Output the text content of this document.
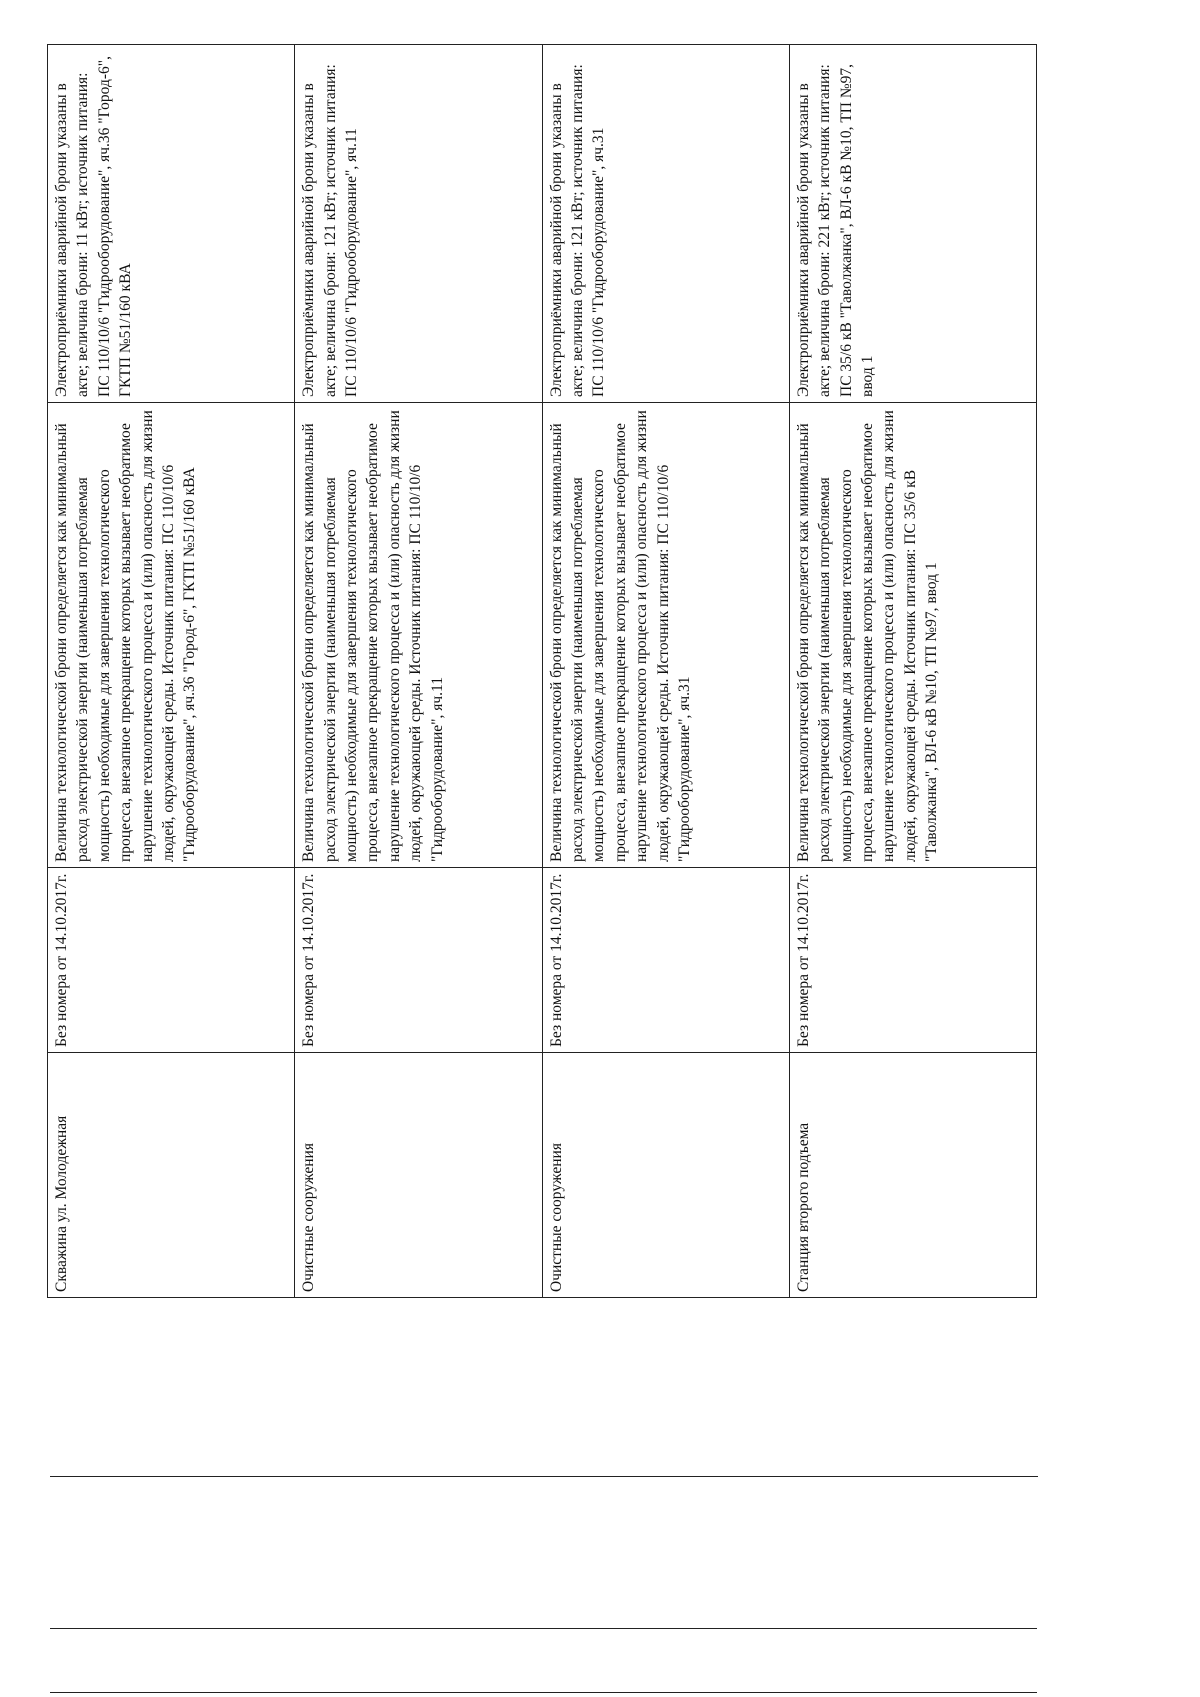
Скважина ул. Молодежная	Без номера от 14.10.2017г.	Величина технологической брони определяется как минимальный расход электрической энергии (наименьшая потребляемая мощность) необходимые для завершения технологического процесса, внезапное прекращение которых вызывает необратимое нарушение технологического процесса и (или) опасность для жизни людей, окружающей среды. Источник питания: ПС 110/10/6 "Гидрооборудование", яч.36 "Город-6", ГКТП №51/160 кВА	Электроприёмники аварийной брони указаны в акте; величина брони: 11 кВт; источник питания: ПС 110/10/6 "Гидрооборудование", яч.36 "Город-6", ГКТП №51/160 кВА
Очистные сооружения	Без номера от 14.10.2017г.	Величина технологической брони определяется как минимальный расход электрической энергии (наименьшая потребляемая мощность) необходимые для завершения технологического процесса, внезапное прекращение которых вызывает необратимое нарушение технологического процесса и (или) опасность для жизни людей, окружающей среды. Источник питания: ПС 110/10/6 "Гидрооборудование", яч.11	Электроприёмники аварийной брони указаны в акте; величина брони: 121 кВт; источник питания: ПС 110/10/6 "Гидрооборудование", яч.11
Очистные сооружения	Без номера от 14.10.2017г.	Величина технологической брони определяется как минимальный расход электрической энергии (наименьшая потребляемая мощность) необходимые для завершения технологического процесса, внезапное прекращение которых вызывает необратимое нарушение технологического процесса и (или) опасность для жизни людей, окружающей среды. Источник питания: ПС 110/10/6 "Гидрооборудование", яч.31	Электроприёмники аварийной брони указаны в акте; величина брони: 121 кВт; источник питания: ПС 110/10/6 "Гидрооборудование", яч.31
Станция второго подъема	Без номера от 14.10.2017г.	Величина технологической брони определяется как минимальный расход электрической энергии (наименьшая потребляемая мощность) необходимые для завершения технологического процесса, внезапное прекращение которых вызывает необратимое нарушение технологического процесса и (или) опасность для жизни людей, окружающей среды. Источник питания: ПС 35/6 кВ "Таволжанка", ВЛ-6 кВ №10, ТП №97, ввод 1	Электроприёмники аварийной брони указаны в акте; величина брони: 221 кВт; источник питания: ПС 35/6 кВ "Таволжанка", ВЛ-6 кВ №10, ТП №97, ввод 1
